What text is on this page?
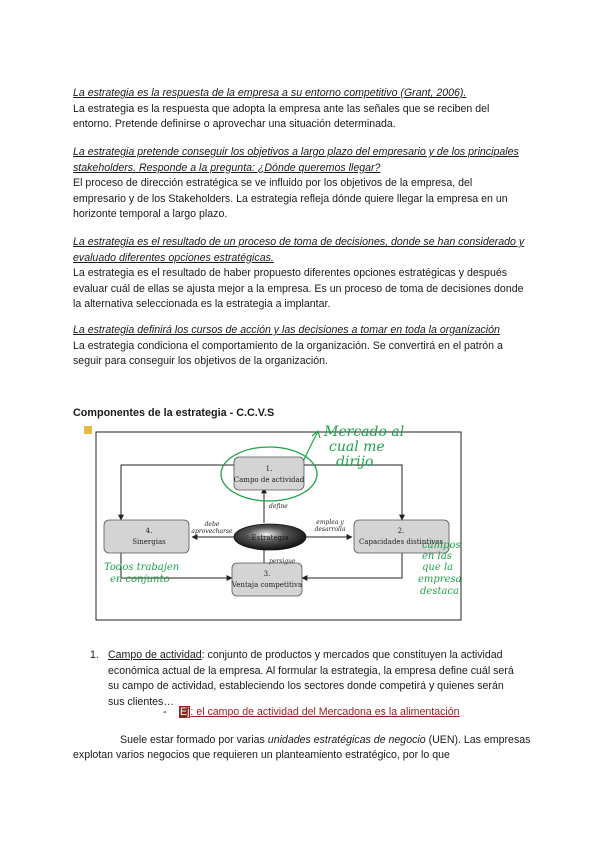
La estrategia es la respuesta de la empresa a su entorno competitivo (Grant, 2006).
La estrategia es la respuesta que adopta la empresa ante las señales que se reciben del entorno. Pretende definirse o aprovechar una situación determinada.

La estrategia pretende conseguir los objetivos a largo plazo del empresario y de los principales stakeholders. Responde a la pregunta: ¿Dónde queremos llegar?
El proceso de dirección estratégica se ve influido por los objetivos de la empresa, del empresario y de los Stakeholders. La estrategia refleja dónde quiere llegar la empresa en un horizonte temporal a largo plazo.

La estrategia es el resultado de un proceso de toma de decisiones, donde se han considerado y evaluado diferentes opciones estratégicas.
La estrategia es el resultado de haber propuesto diferentes opciones estratégicas y después evaluar cuál de ellas se ajusta mejor a la empresa. Es un proceso de toma de decisiones donde la alternativa seleccionada es la estrategia a implantar.

La estrategia definirá los cursos de acción y las decisiones a tomar en toda la organización
La estrategia condiciona el comportamiento de la organización. Se convertirá en el patrón a seguir para conseguir los objetivos de la organización.

Componentes de la estrategia - C.C.V.S
1.
Campo de actividad
2.
Capacidades distintivas
3.
Ventaja competitiva
4.
Sinergias	Estrategia
define
persigue
debe
aprovecharse
emplea y
desarrolla
Mercado al
cual me
dirijo
campos
en las
que la
empresa
destaca
Todos trabajen
en conjunto
1. Campo de actividad: conjunto de productos y mercados que constituyen la actividad económica actual de la empresa. Al formular la estrategia, la empresa define cuál será su campo de actividad, estableciendo los sectores donde competirá y quienes serán sus clientes…
- Ej: el campo de actividad del Mercadona es la alimentación

Suele estar formado por varias unidades estratégicas de negocio (UEN). Las empresas explotan varios negocios que requieren un planteamiento estratégico, por lo que
